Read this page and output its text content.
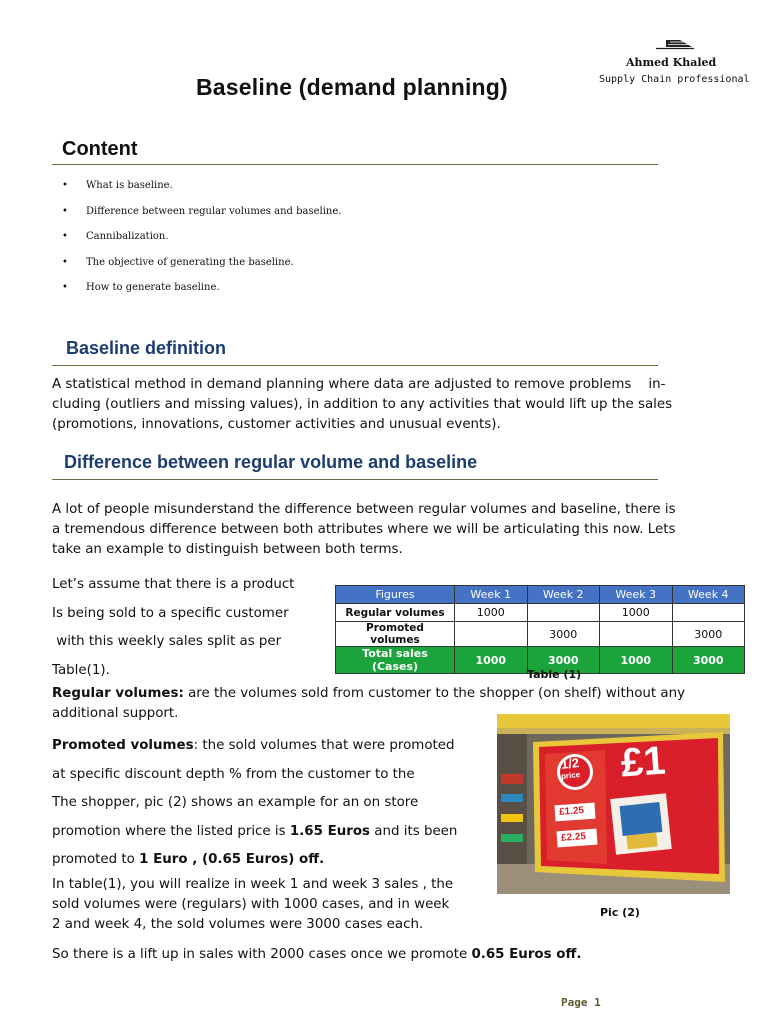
Ahmed Khaled
Supply Chain professional
Baseline (demand planning)
Content
•	What is baseline.
•	Difference between regular volumes and baseline.
•	Cannibalization.
•	The objective of generating the baseline.
•	How to generate baseline.
Baseline definition
A statistical method in demand planning where data are adjusted to remove problems    in-
cluding (outliers and missing values), in addition to any activities that would lift up the sales
(promotions, innovations, customer activities and unusual events).
Difference between regular volume and baseline
A lot of people misunderstand the difference between regular volumes and baseline, there is
a tremendous difference between both attributes where we will be articulating this now. Lets
take an example to distinguish between both terms.
Let’s assume that there is a product
Is being sold to a specific customer
with this weekly sales split as per
Table(1).
Figures	Week 1	Week 2	Week 3	Week 4
Regular volumes	1000		1000	
Promoted volumes		3000		3000
Total sales (Cases)	1000	3000	1000	3000
Table (1)
Regular volumes: are the volumes sold from customer to the shopper (on shelf) without any
additional support.
Promoted volumes: the sold volumes that were promoted
at specific discount depth % from the customer to the
The shopper, pic (2) shows an example for an on store
promotion where the listed price is 1.65 Euros and its been
promoted to 1 Euro , (0.65 Euros) off.
In table(1), you will realize in week 1 and week 3 sales , the
sold volumes were (regulars) with 1000 cases, and in week
2 and week 4, the sold volumes were 3000 cases each.
1/2
price £1
£1.25
£2.25
Pic (2)
So there is a lift up in sales with 2000 cases once we promote 0.65 Euros off.
Page 1
